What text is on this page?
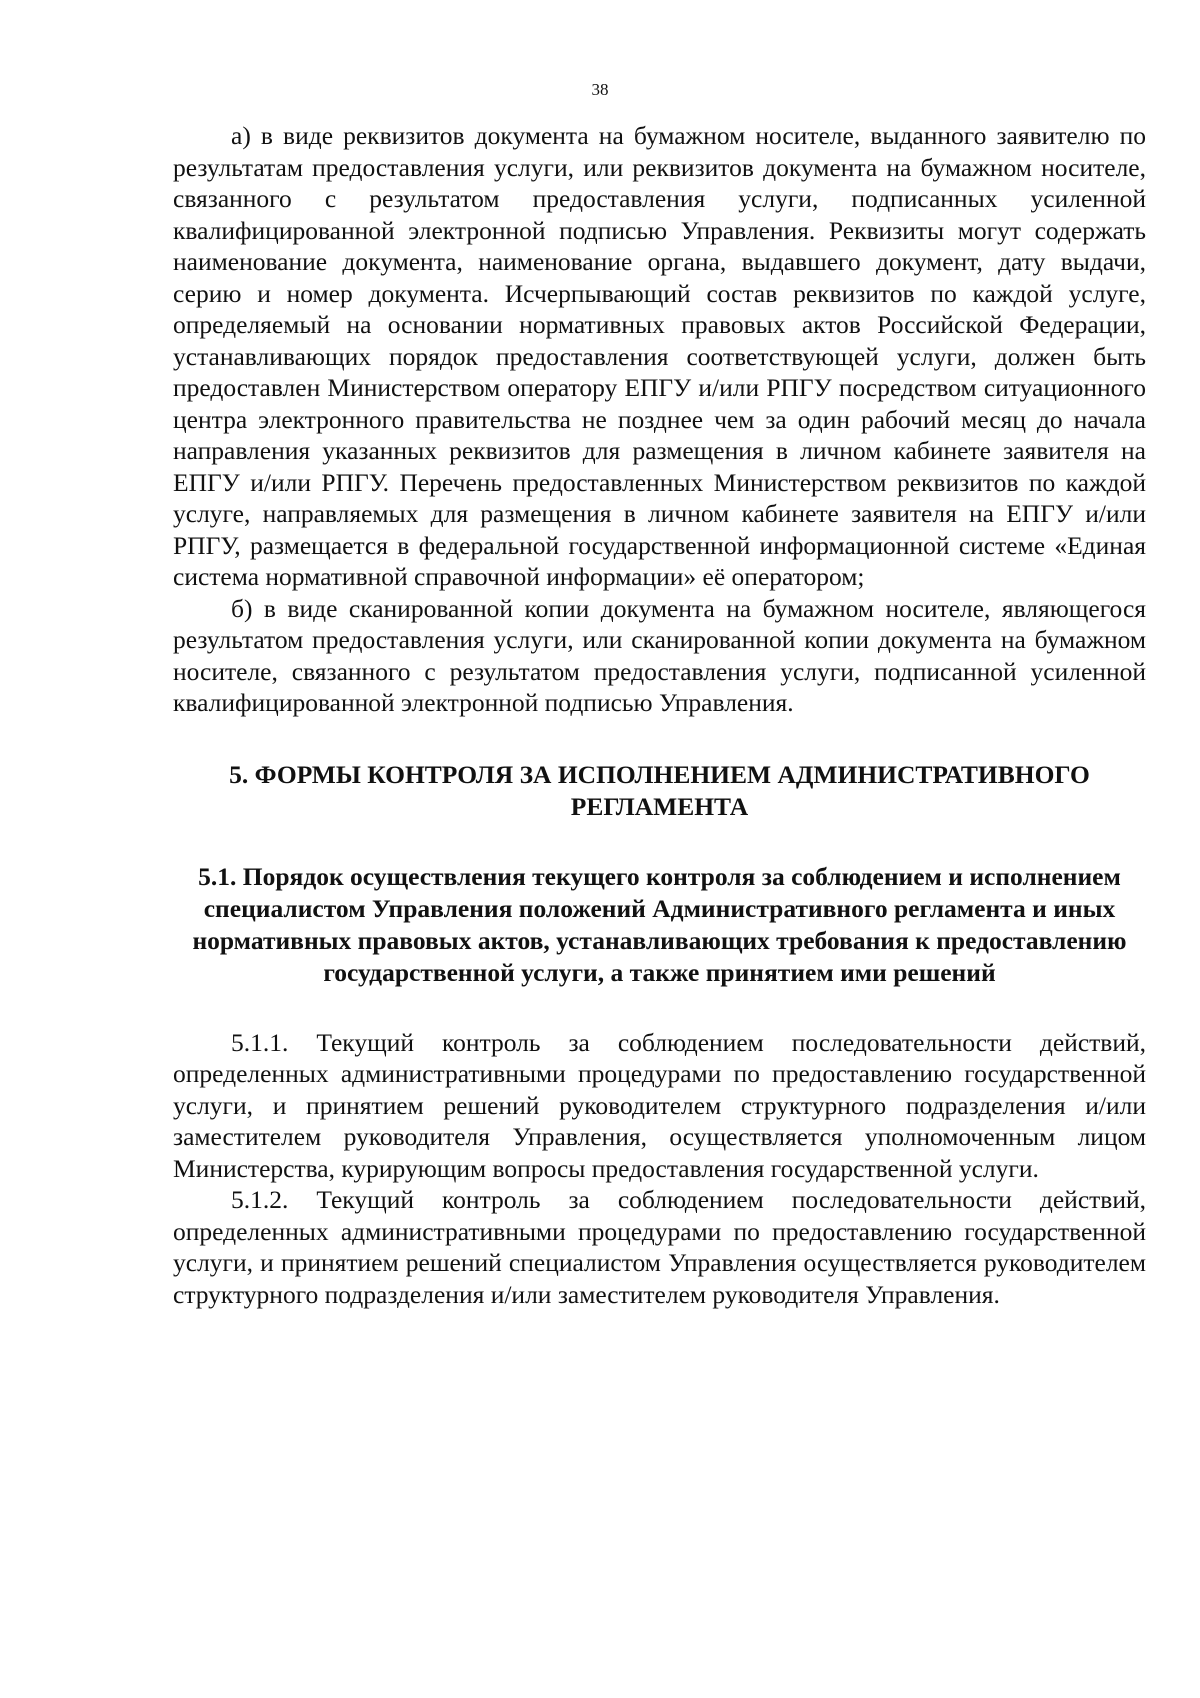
38

а) в виде реквизитов документа на бумажном носителе, выданного заявителю по результатам предоставления услуги, или реквизитов документа на бумажном носителе, связанного с результатом предоставления услуги, подписанных усиленной квалифицированной электронной подписью Управления. Реквизиты могут содержать наименование документа, наименование органа, выдавшего документ, дату выдачи, серию и номер документа. Исчерпывающий состав реквизитов по каждой услуге, определяемый на основании нормативных правовых актов Российской Федерации, устанавливающих порядок предоставления соответствующей услуги, должен быть предоставлен Министерством оператору ЕПГУ и/или РПГУ посредством ситуационного центра электронного правительства не позднее чем за один рабочий месяц до начала направления указанных реквизитов для размещения в личном кабинете заявителя на ЕПГУ и/или РПГУ. Перечень предоставленных Министерством реквизитов по каждой услуге, направляемых для размещения в личном кабинете заявителя на ЕПГУ и/или РПГУ, размещается в федеральной государственной информационной системе «Единая система нормативной справочной информации» её оператором;

б) в виде сканированной копии документа на бумажном носителе, являющегося результатом предоставления услуги, или сканированной копии документа на бумажном носителе, связанного с результатом предоставления услуги, подписанной усиленной квалифицированной электронной подписью Управления.

5. ФОРМЫ КОНТРОЛЯ ЗА ИСПОЛНЕНИЕМ АДМИНИСТРАТИВНОГО РЕГЛАМЕНТА
5.1. Порядок осуществления текущего контроля за соблюдением и исполнением специалистом Управления положений Административного регламента и иных нормативных правовых актов, устанавливающих требования к предоставлению государственной услуги, а также принятием ими решений

5.1.1. Текущий контроль за соблюдением последовательности действий, определенных административными процедурами по предоставлению государственной услуги, и принятием решений руководителем структурного подразделения и/или заместителем руководителя Управления, осуществляется уполномоченным лицом Министерства, курирующим вопросы предоставления государственной услуги.

5.1.2. Текущий контроль за соблюдением последовательности действий, определенных административными процедурами по предоставлению государственной услуги, и принятием решений специалистом Управления осуществляется руководителем структурного подразделения и/или заместителем руководителя Управления.
